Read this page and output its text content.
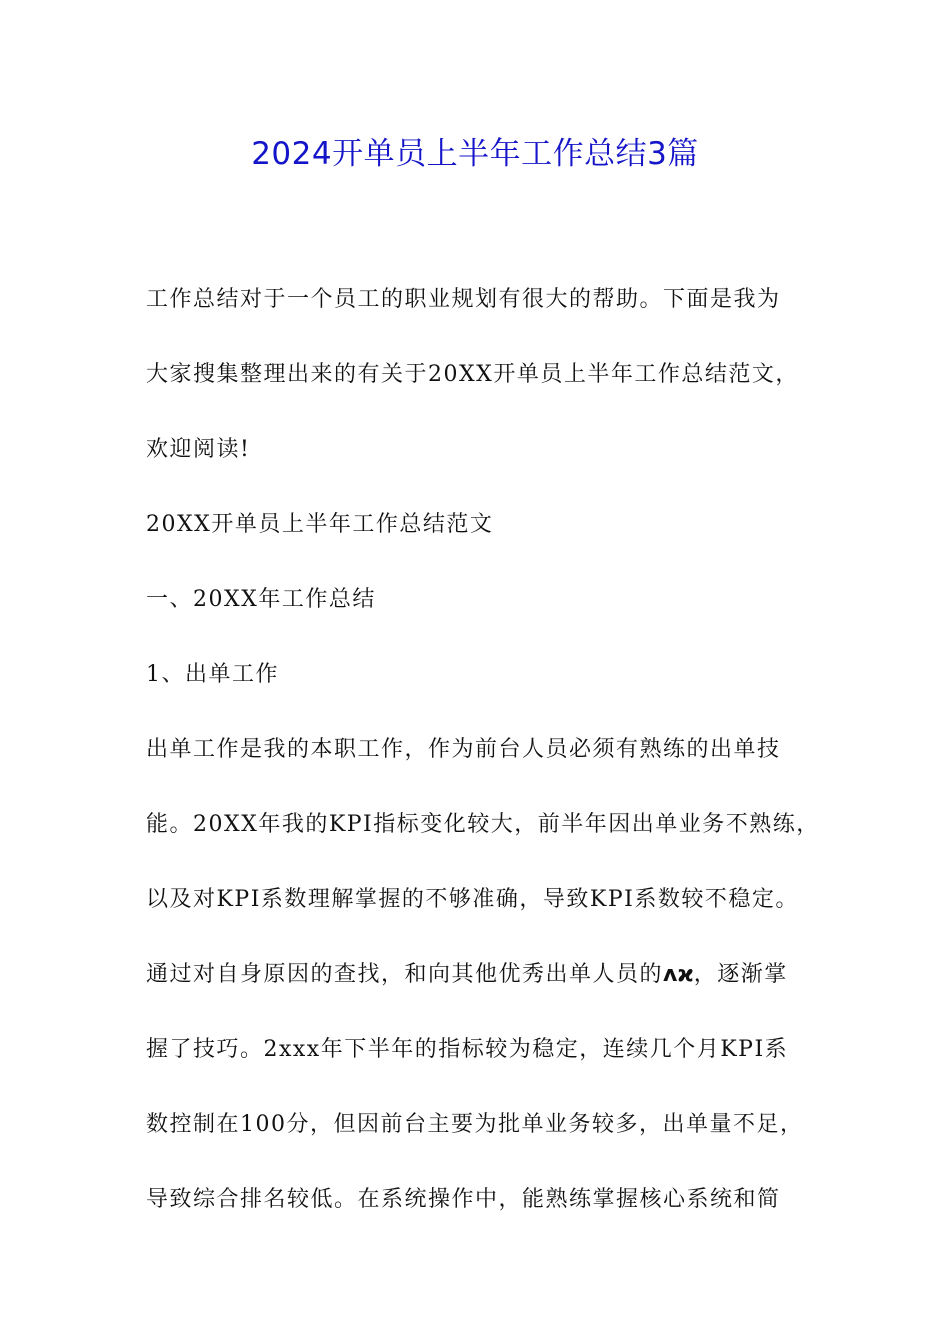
2024开单员上半年工作总结3篇
工作总结对于一个员工的职业规划有很大的帮助。下面是我为
大家搜集整理出来的有关于20XX开单员上半年工作总结范文，
欢迎阅读!
20XX开单员上半年工作总结范文
一、20XX年工作总结
1、出单工作
出单工作是我的本职工作，作为前台人员必须有熟练的出单技
能。20XX年我的KPI指标变化较大，前半年因出单业务不熟练，
以及对KPI系数理解掌握的不够准确，导致KPI系数较不稳定。
通过对自身原因的查找，和向其他优秀出单人员的ᴧϰ，逐渐掌
握了技巧。2xxx年下半年的指标较为稳定，连续几个月KPI系
数控制在100分，但因前台主要为批单业务较多，出单量不足，
导致综合排名较低。在系统操作中，能熟练掌握核心系统和简
